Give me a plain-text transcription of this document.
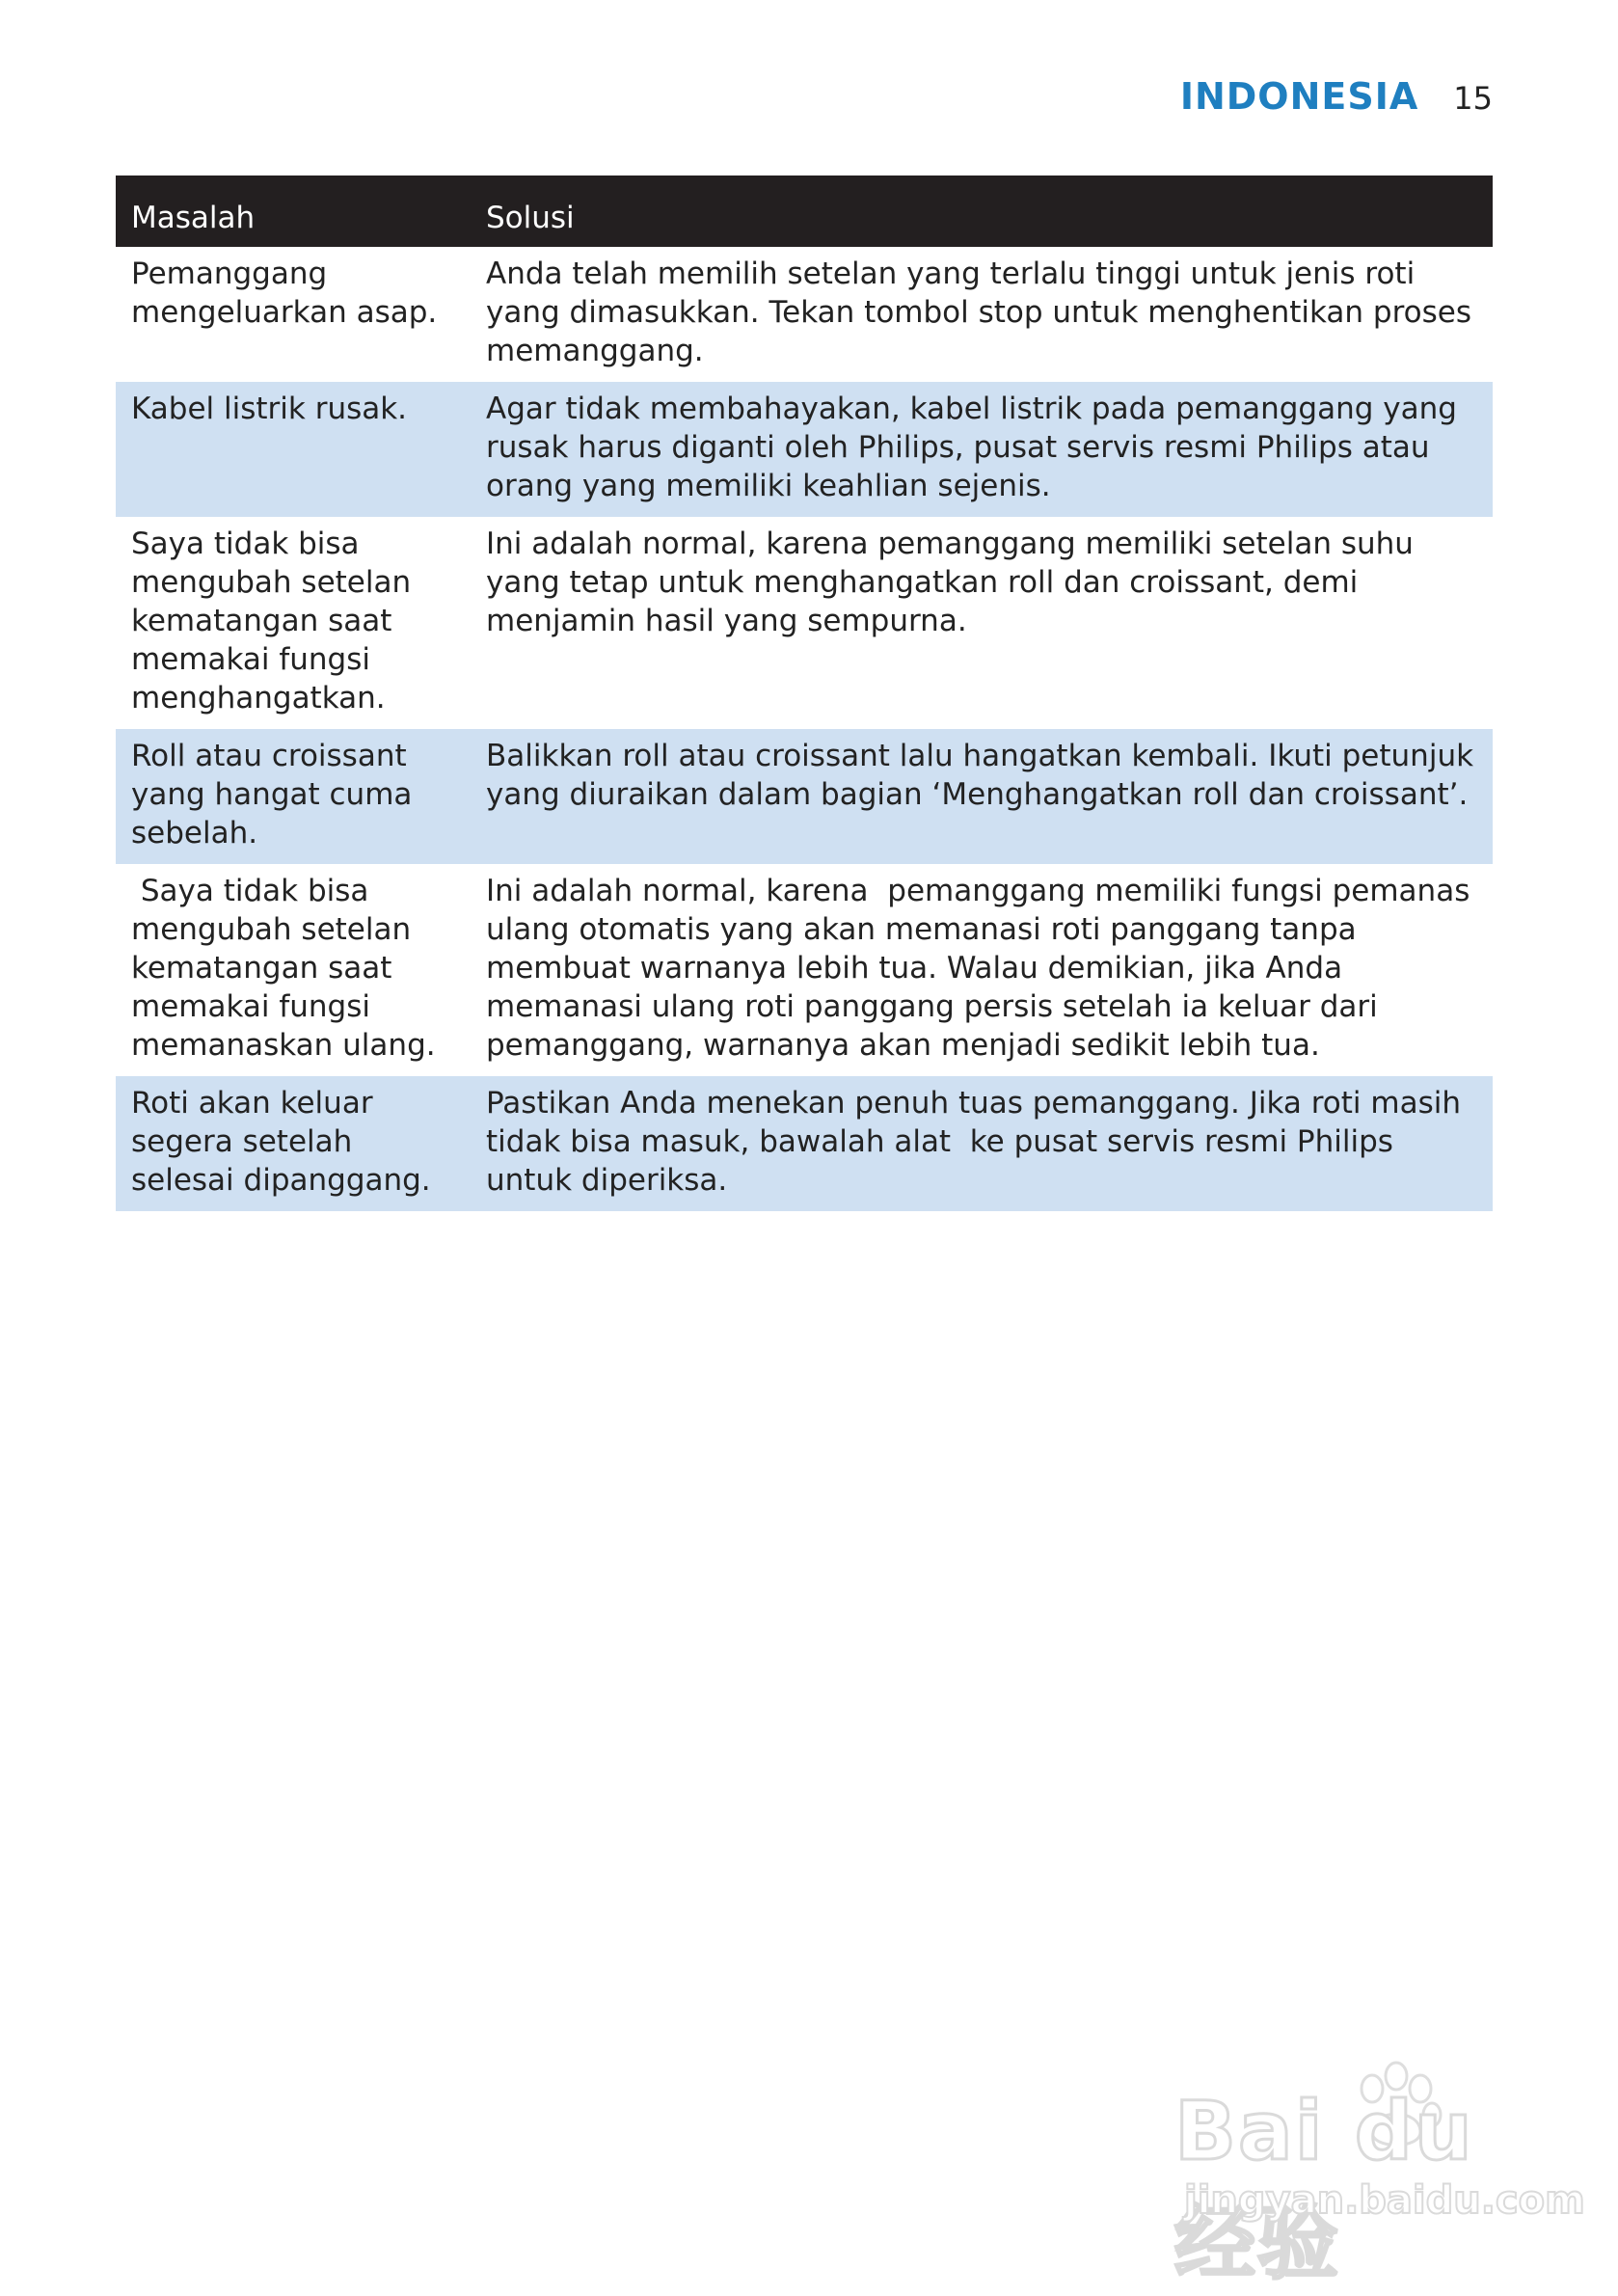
INDONESIA 15
Masalah	Solusi
Pemanggang mengeluarkan asap.	Anda telah memilih setelan yang terlalu tinggi untuk jenis roti yang dimasukkan. Tekan tombol stop untuk menghentikan proses memanggang.
Kabel listrik rusak.	Agar tidak membahayakan, kabel listrik pada pemanggang yang rusak harus diganti oleh Philips, pusat servis resmi Philips atau orang yang memiliki keahlian sejenis.
Saya tidak bisa mengubah setelan kematangan saat memakai fungsi menghangatkan.	Ini adalah normal, karena pemanggang memiliki setelan suhu yang tetap untuk menghangatkan roll dan croissant, demi menjamin hasil yang sempurna.
Roll atau croissant yang hangat cuma sebelah.	Balikkan roll atau croissant lalu hangatkan kembali. Ikuti petunjuk yang diuraikan dalam bagian ‘Menghangatkan roll dan croissant’.
Saya tidak bisa mengubah setelan kematangan saat memakai fungsi memanaskan ulang.	Ini adalah normal, karena  pemanggang memiliki fungsi pemanas ulang otomatis yang akan memanasi roti panggang tanpa membuat warnanya lebih tua. Walau demikian, jika Anda memanasi ulang roti panggang persis setelah ia keluar dari pemanggang, warnanya akan menjadi sedikit lebih tua.
Roti akan keluar segera setelah selesai dipanggang.	Pastikan Anda menekan penuh tuas pemanggang. Jika roti masih tidak bisa masuk, bawalah alat  ke pusat servis resmi Philips untuk diperiksa.
Bai du 经验
jingyan.baidu.com
